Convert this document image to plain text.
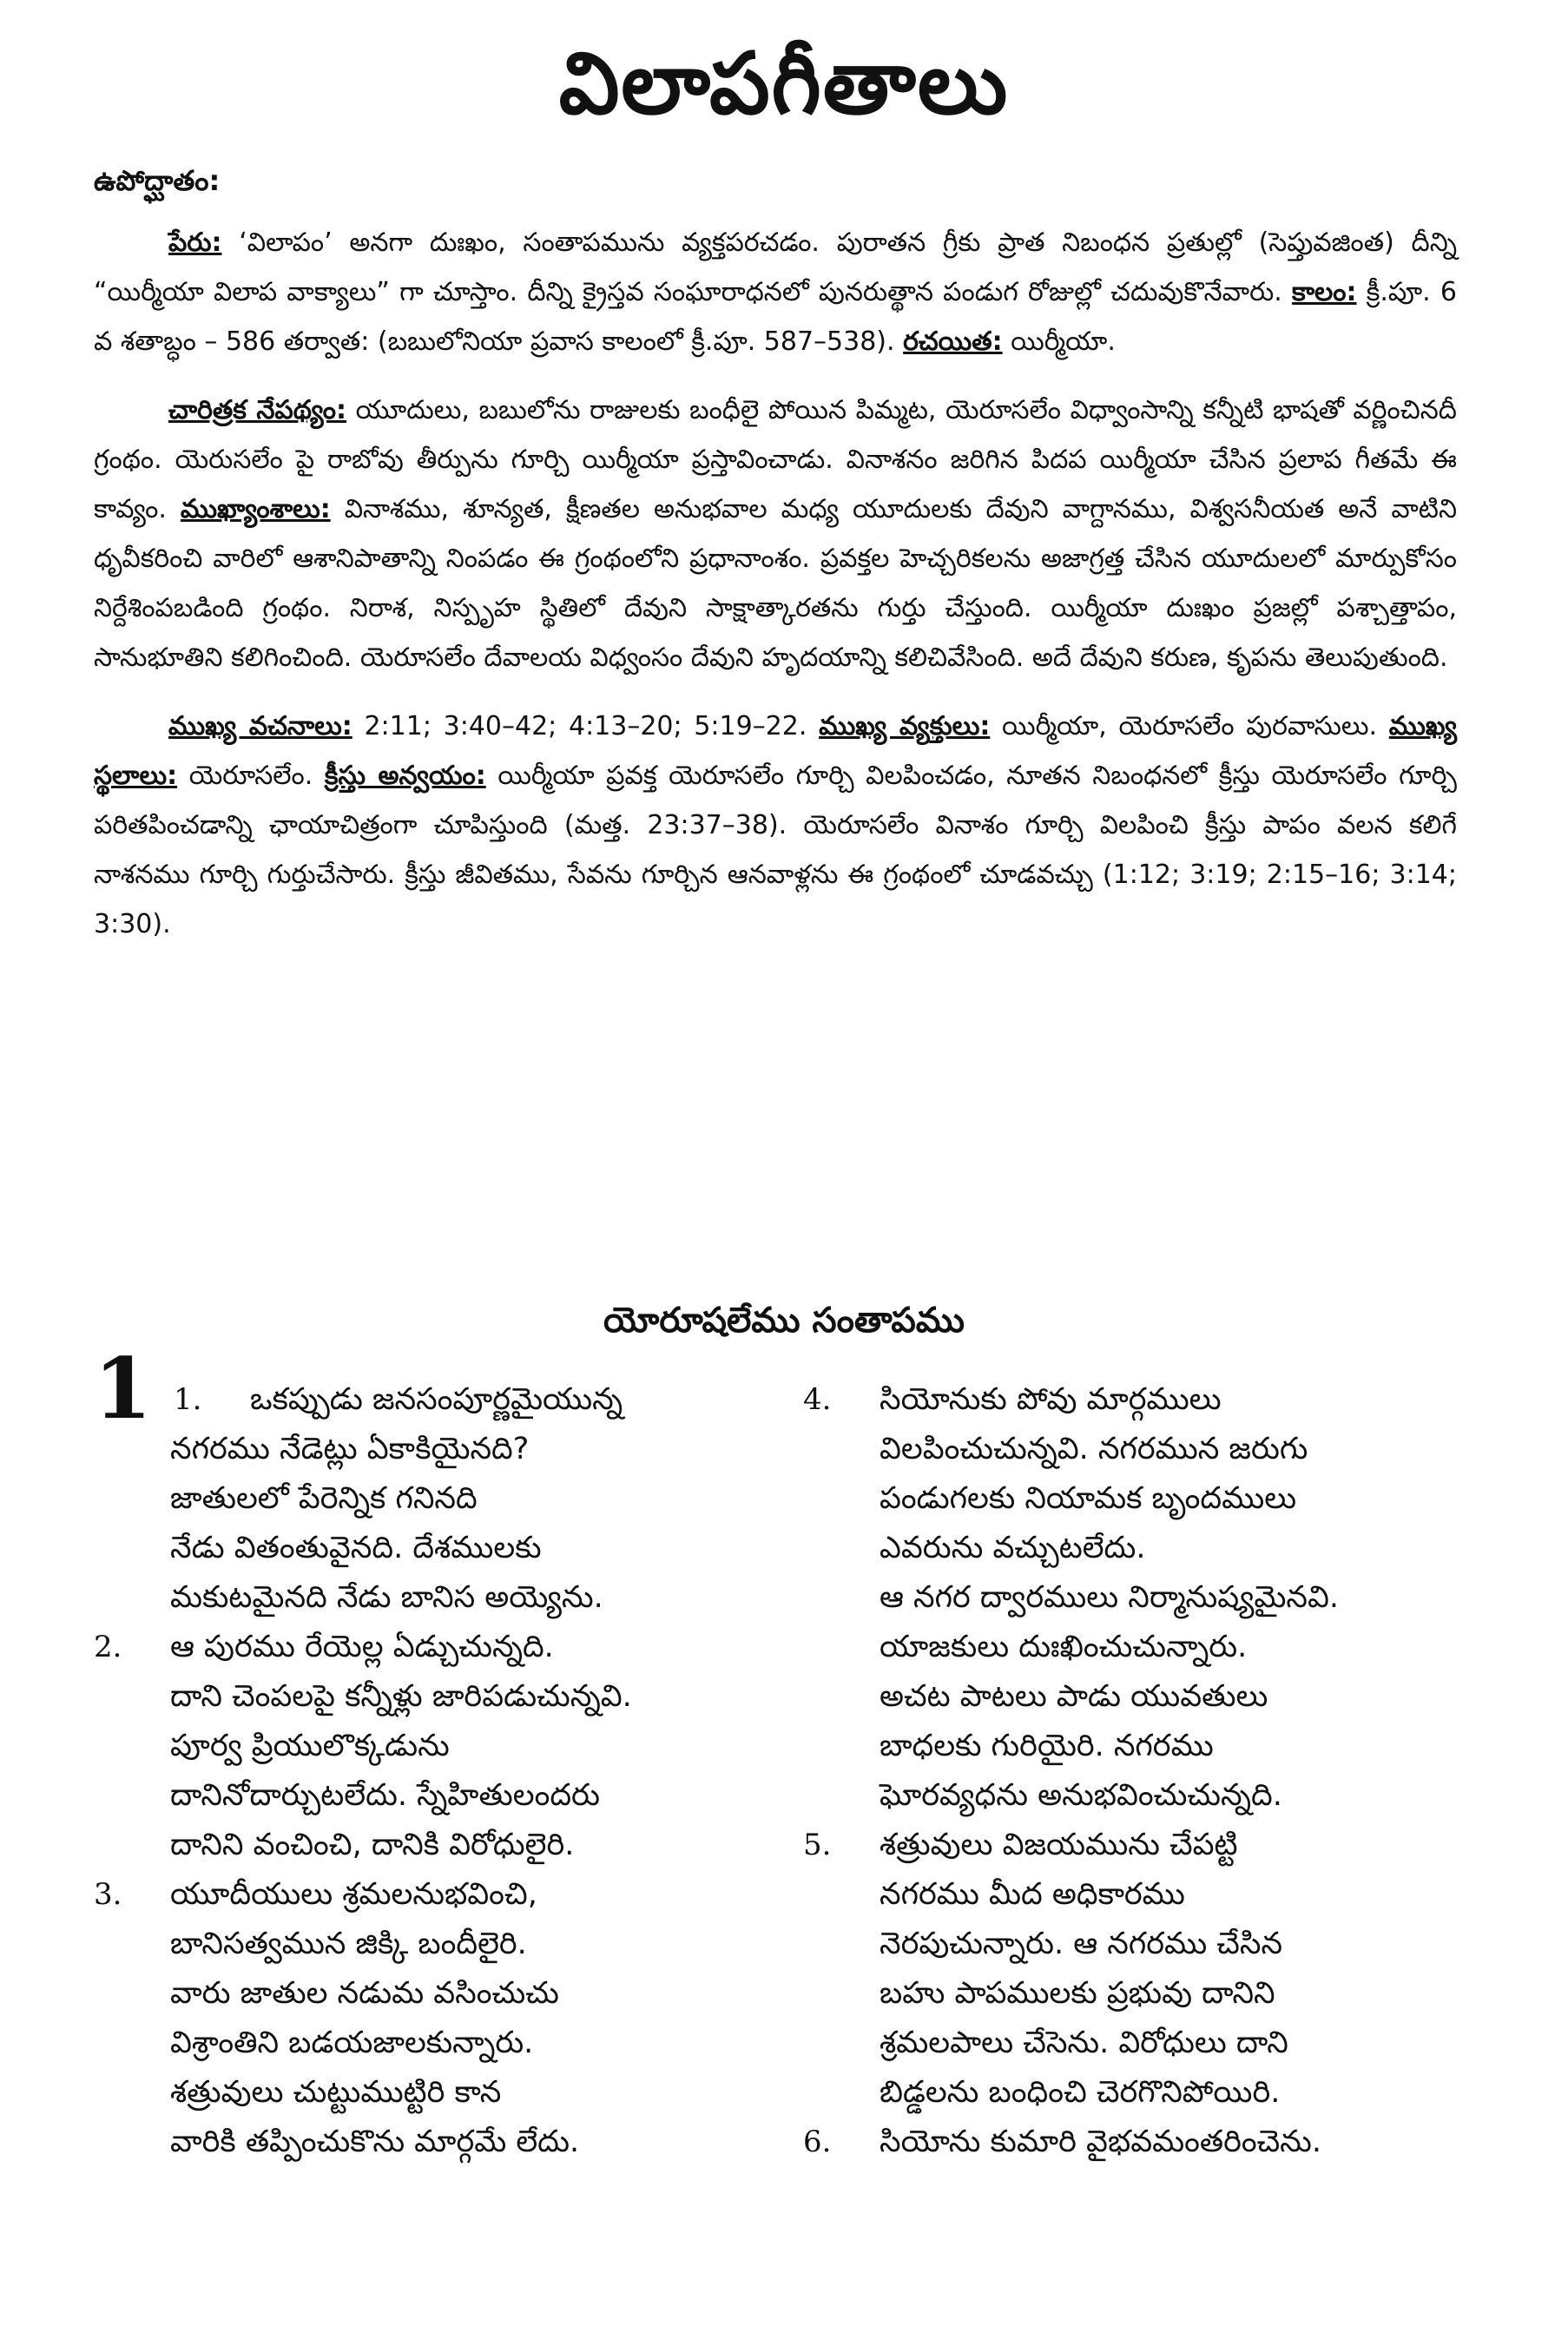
విలాపగీతాలు
ఉపోద్ఘాతం:

పేరు: ‘విలాపం’ అనగా దుఃఖం, సంతాపమును వ్యక్తపరచడం. పురాతన గ్రీకు ప్రాత నిబంధన ప్రతుల్లో (సెప్తువజింత) దీన్ని “యిర్మీయా విలాప వాక్యాలు” గా చూస్తాం. దీన్ని క్రైస్తవ సంఘారాధనలో పునరుత్థాన పండుగ రోజుల్లో చదువుకొనేవారు. కాలం: క్రీ.పూ. 6 వ శతాబ్ధం – 586 తర్వాత: (బబులోనియా ప్రవాస కాలంలో క్రీ.పూ. 587–538). రచయిత: యిర్మీయా.

చారిత్రక నేపథ్యం: యూదులు, బబులోను రాజులకు బంధీలై పోయిన పిమ్మట, యెరూసలేం విధ్వాంసాన్ని కన్నీటి భాషతో వర్ణించినదీ గ్రంథం. యెరుసలేం పై రాబోవు తీర్పును గూర్చి యిర్మీయా ప్రస్తావించాడు. వినాశనం జరిగిన పిదప యిర్మీయా చేసిన ప్రలాప గీతమే ఈ కావ్యం. ముఖ్యాంశాలు: వినాశము, శూన్యత, క్షీణతల అనుభవాల మధ్య యూదులకు దేవుని వాగ్దానము, విశ్వసనీయత అనే వాటిని ధృవీకరించి వారిలో ఆశానిపాతాన్ని నింపడం ఈ గ్రంథంలోని ప్రధానాంశం. ప్రవక్తల హెచ్చరికలను అజాగ్రత్త చేసిన యూదులలో మార్పుకోసం నిర్దేశింపబడింది గ్రంథం. నిరాశ, నిస్పృహ స్థితిలో దేవుని సాక్షాత్కారతను గుర్తు చేస్తుంది. యిర్మీయా దుఃఖం ప్రజల్లో పశ్చాత్తాపం, సానుభూతిని కలిగించింది. యెరూసలేం దేవాలయ విధ్వంసం దేవుని హృదయాన్ని కలిచివేసింది. అదే దేవుని కరుణ, కృపను తెలుపుతుంది.

ముఖ్య వచనాలు: 2:11; 3:40–42; 4:13–20; 5:19–22. ముఖ్య వ్యక్తులు: యిర్మీయా, యెరూసలేం పురవాసులు. ముఖ్య స్థలాలు: యెరూసలేం. క్రీస్తు అన్వయం: యిర్మీయా ప్రవక్త యెరూసలేం గూర్చి విలపించడం, నూతన నిబంధనలో క్రీస్తు యెరూసలేం గూర్చి పరితపించడాన్ని ఛాయాచిత్రంగా చూపిస్తుంది (మత్త. 23:37–38). యెరూసలేం వినాశం గూర్చి విలపించి క్రీస్తు పాపం వలన కలిగే నాశనము గూర్చి గుర్తుచేసారు. క్రీస్తు జీవితము, సేవను గూర్చిన ఆనవాళ్లను ఈ గ్రంథంలో చూడవచ్చు (1:12; 3:19; 2:15–16; 3:14; 3:30).

యోరూషలేము సంతాపము
1 1.	ఒకప్పుడు జనసంపూర్ణమైయున్న
నగరము నేడెట్లు ఏకాకియైనది?
జాతులలో పేరెన్నిక గనినది
నేడు వితంతువైనది. దేశములకు
మకుటమైనది నేడు బానిస అయ్యెను.
2.	ఆ పురము రేయెల్ల ఏడ్చుచున్నది.
దాని చెంపలపై కన్నీళ్లు జారిపడుచున్నవి.
పూర్వ ప్రియులొక్కడును
దానినోదార్చుటలేదు. స్నేహితులందరు
దానిని వంచించి, దానికి విరోధులైరి.
3.	యూదీయులు శ్రమలనుభవించి,
బానిసత్వమున జిక్కి బందీలైరి.
వారు జాతుల నడుమ వసించుచు
విశ్రాంతిని బడయజాలకున్నారు.
శత్రువులు చుట్టుముట్టిరి కాన
వారికి తప్పించుకొను మార్గమే లేదు.
4.	సియోనుకు పోవు మార్గములు
విలపించుచున్నవి. నగరమున జరుగు
పండుగలకు నియామక బృందములు
ఎవరును వచ్చుటలేదు.
ఆ నగర ద్వారములు నిర్మానుష్యమైనవి.
యాజకులు దుఃఖించుచున్నారు.
అచట పాటలు పాడు యువతులు
బాధలకు గురియైరి. నగరము
ఘోరవ్యధను అనుభవించుచున్నది.
5.	శత్రువులు విజయమును చేపట్టి
నగరము మీద అధికారము
నెరపుచున్నారు. ఆ నగరము చేసిన
బహు పాపములకు ప్రభువు దానిని
శ్రమలపాలు చేసెను. విరోధులు దాని
బిడ్డలను బంధించి చెరగొనిపోయిరి.
6.	సియోను కుమారి వైభవమంతరించెను.
